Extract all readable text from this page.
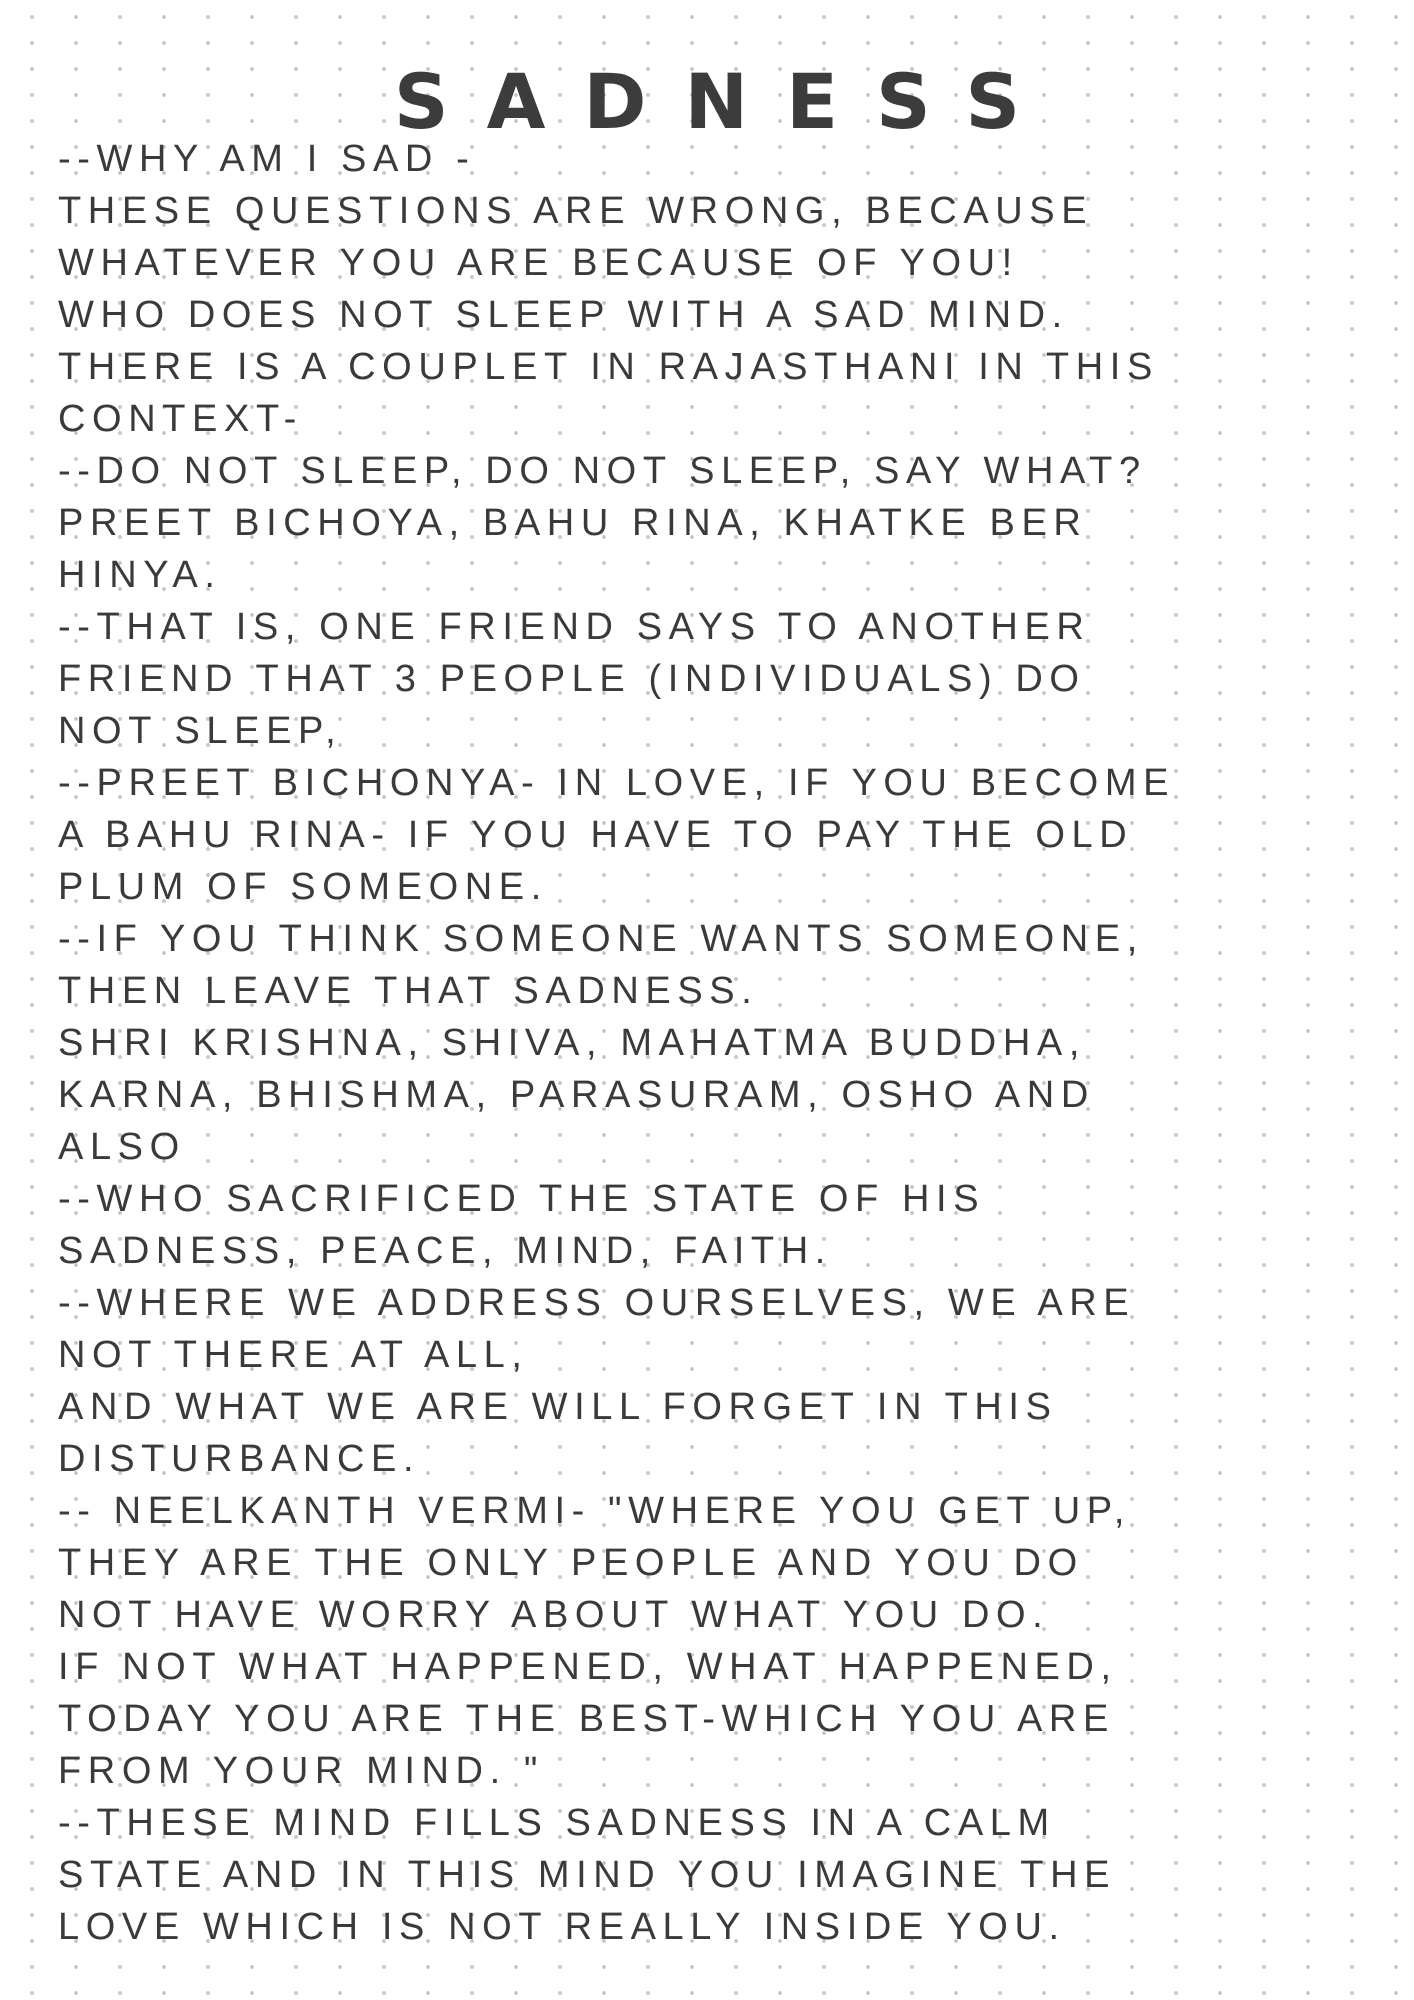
SADNESS
--WHY AM I SAD -
THESE QUESTIONS ARE WRONG, BECAUSE
WHATEVER YOU ARE BECAUSE OF YOU!
WHO DOES NOT SLEEP WITH A SAD MIND.
THERE IS A COUPLET IN RAJASTHANI IN THIS
CONTEXT-
--DO NOT SLEEP, DO NOT SLEEP, SAY WHAT?
PREET BICHOYA, BAHU RINA, KHATKE BER
HINYA.
--THAT IS, ONE FRIEND SAYS TO ANOTHER
FRIEND THAT 3 PEOPLE (INDIVIDUALS) DO
NOT SLEEP,
--PREET BICHONYA- IN LOVE, IF YOU BECOME
A BAHU RINA- IF YOU HAVE TO PAY THE OLD
PLUM OF SOMEONE.
--IF YOU THINK SOMEONE WANTS SOMEONE,
THEN LEAVE THAT SADNESS.
SHRI KRISHNA, SHIVA, MAHATMA BUDDHA,
KARNA, BHISHMA, PARASURAM, OSHO AND
ALSO
--WHO SACRIFICED THE STATE OF HIS
SADNESS, PEACE, MIND, FAITH.
--WHERE WE ADDRESS OURSELVES, WE ARE
NOT THERE AT ALL,
AND WHAT WE ARE WILL FORGET IN THIS
DISTURBANCE.
-- NEELKANTH VERMI- "WHERE YOU GET UP,
THEY ARE THE ONLY PEOPLE AND YOU DO
NOT HAVE WORRY ABOUT WHAT YOU DO.
IF NOT WHAT HAPPENED, WHAT HAPPENED,
TODAY YOU ARE THE BEST-WHICH YOU ARE
FROM YOUR MIND. "
--THESE MIND FILLS SADNESS IN A CALM
STATE AND IN THIS MIND YOU IMAGINE THE
LOVE WHICH IS NOT REALLY INSIDE YOU.
